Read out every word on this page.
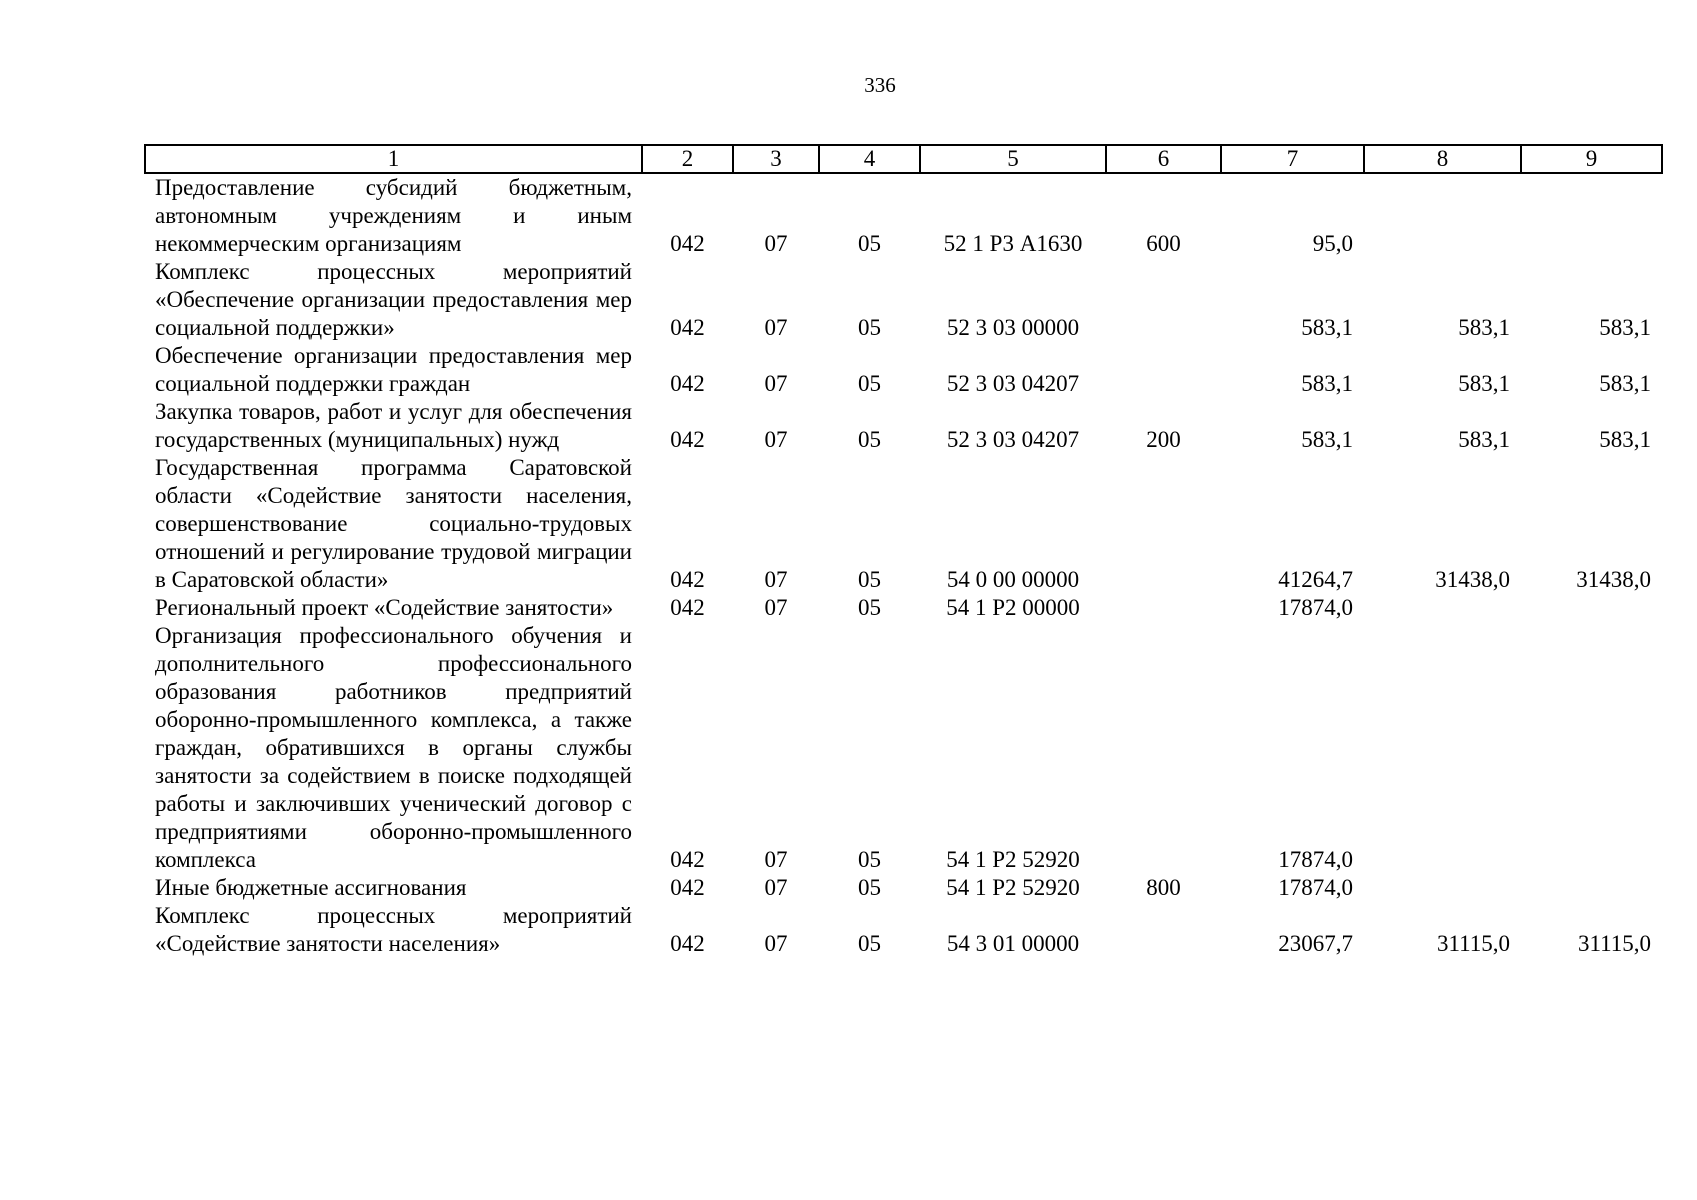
336
1	2	3	4	5	6	7	8	9
Предоставление субсидий бюджетным, автономным учреждениям и иным некоммерческим организациям	042	07	05	52 1 Р3 А1630	600	95,0		
Комплекс процессных мероприятий «Обеспечение организации предоставления мер социальной поддержки»	042	07	05	52 3 03 00000		583,1	583,1	583,1
Обеспечение организации предоставления мер социальной поддержки граждан	042	07	05	52 3 03 04207		583,1	583,1	583,1
Закупка товаров, работ и услуг для обеспечения государственных (муниципальных) нужд	042	07	05	52 3 03 04207	200	583,1	583,1	583,1
Государственная программа Саратовской области «Содействие занятости населения, совершенствование социально-трудовых отношений и регулирование трудовой миграции в Саратовской области»	042	07	05	54 0 00 00000		41264,7	31438,0	31438,0
Региональный проект «Содействие занятости»	042	07	05	54 1 Р2 00000		17874,0		
Организация профессионального обучения и дополнительного профессионального образования работников предприятий оборонно-промышленного комплекса, а также граждан, обратившихся в органы службы занятости за содействием в поиске подходящей работы и заключивших ученический договор с предприятиями оборонно-промышленного комплекса	042	07	05	54 1 Р2 52920		17874,0		
Иные бюджетные ассигнования	042	07	05	54 1 Р2 52920	800	17874,0		
Комплекс процессных мероприятий «Содействие занятости населения»	042	07	05	54 3 01 00000		23067,7	31115,0	31115,0
